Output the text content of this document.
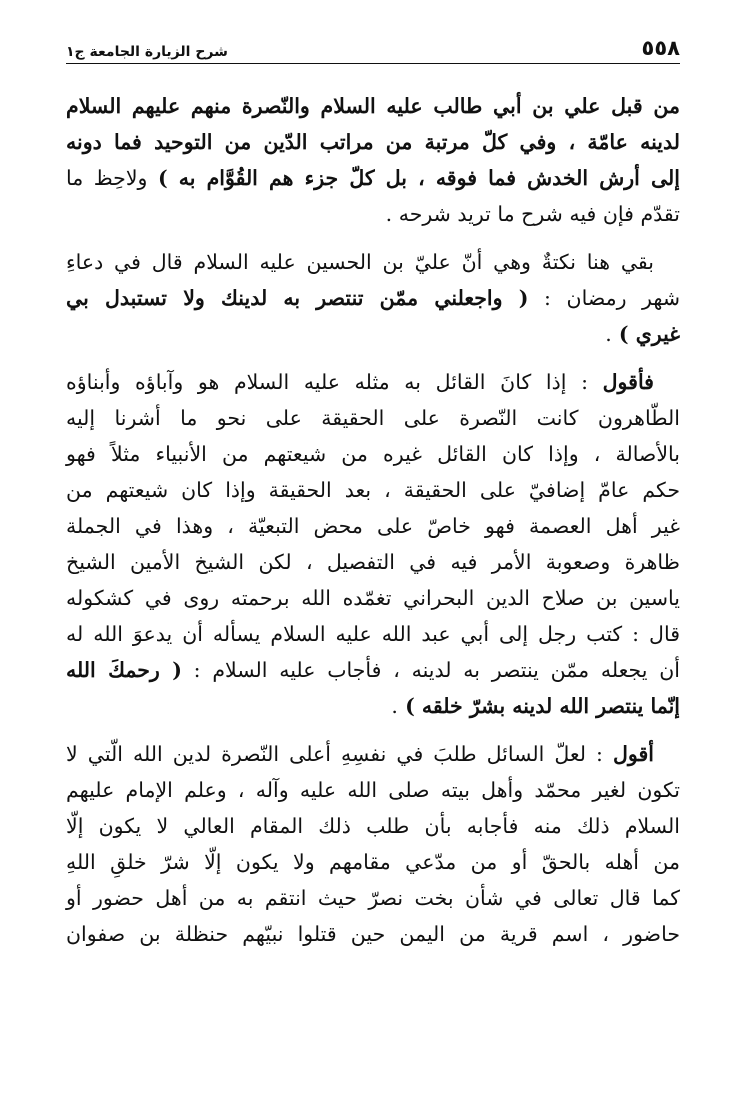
٥٥٨
شرح الزيارة الجامعة ج١

من قبل علي بن أبي طالب عليه السلام والنّصرة منهم عليهم السلام
لدينه عامّة ، وفي كلّ مرتبة من مراتب الدّين من التوحيد فما دونه
إلى أرش الخدش فما فوقه ، بل كلّ جزء هم القُوَّام به ) ولاحِظ ما
تقدّم فإن فيه شرح ما تريد شرحه .

بقي هنا نكتةٌ وهي أنّ عليّ بن الحسين عليه السلام قال في دعاءِ
شهر رمضان : ( واجعلني ممّن تنتصر به لدينك ولا تستبدل بي
غيري ) .

فأقول : إذا كانَ القائل به مثله عليه السلام هو وآباؤه وأبناؤه
الطّاهرون كانت النّصرة على الحقيقة على نحو ما أشرنا إليه
بالأصالة ، وإذا كان القائل غيره من شيعتهم من الأنبياء مثلاً فهو
حكم عامّ إضافيّ على الحقيقة ، بعد الحقيقة وإذا كان شيعتهم من
غير أهل العصمة فهو خاصّ على محض التبعيّة ، وهذا في الجملة
ظاهرة وصعوبة الأمر فيه في التفصيل ، لكن الشيخ الأمين الشيخ
ياسين بن صلاح الدين البحراني تغمّده الله برحمته روى في كشكوله
قال : كتب رجل إلى أبي عبد الله عليه السلام يسأله أن يدعوَ الله له
أن يجعله ممّن ينتصر به لدينه ، فأجاب عليه السلام : ( رحمكَ الله
إنّما ينتصر الله لدينه بشرّ خلقه ) .

أقول : لعلّ السائل طلبَ في نفسِهِ أعلى النّصرة لدين الله الّتي لا
تكون لغير محمّد وأهل بيته صلى الله عليه وآله ، وعلم الإمام عليهم
السلام ذلك منه فأجابه بأن طلب ذلك المقام العالي لا يكون إلّا
من أهله بالحقّ أو من مدّعي مقامهم ولا يكون إلّا شرّ خلقِ اللهِ
كما قال تعالى في شأن بخت نصرّ حيث انتقم به من أهل حضور أو
حاضور ، اسم قرية من اليمن حين قتلوا نبيّهم حنظلة بن صفوان
